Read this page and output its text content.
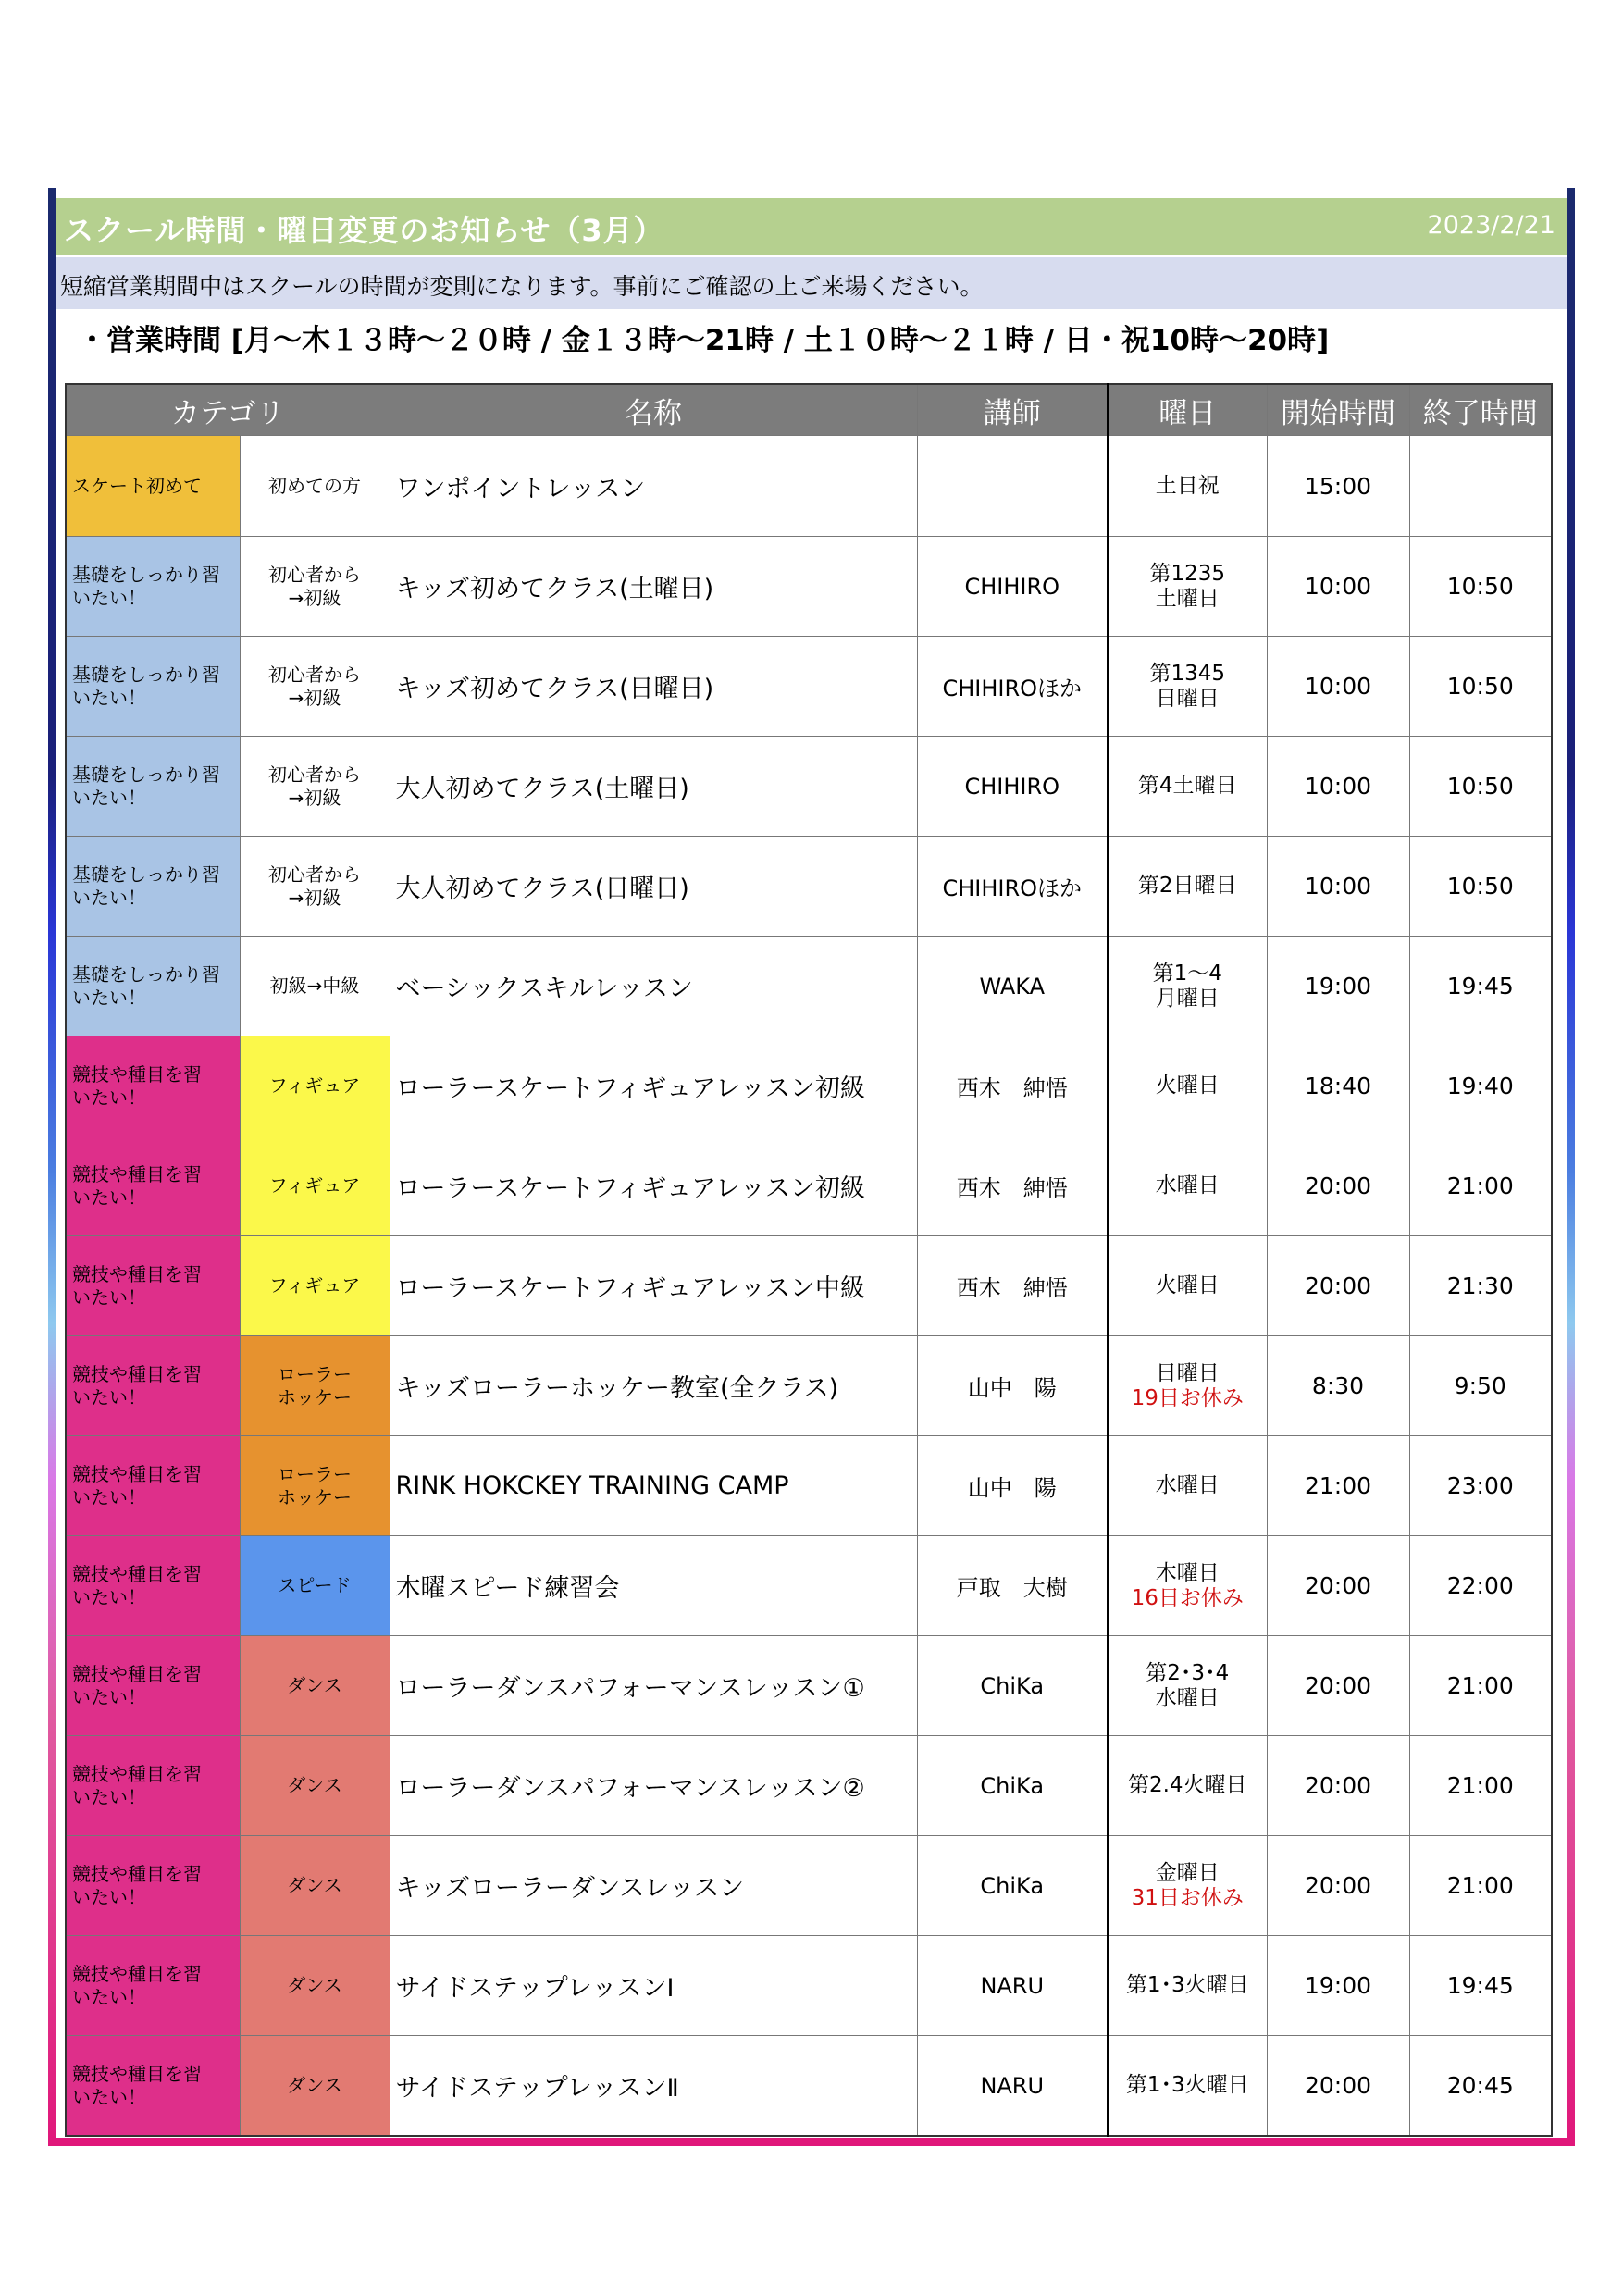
スクール時間・曜日変更のお知らせ（3月）	2023/2/21
短縮営業期間中はスクールの時間が変則になります。事前にご確認の上ご来場ください。
・営業時間 [月〜木１３時〜２０時 / 金１３時〜21時 / 土１０時〜２１時 / 日・祝10時〜20時]
カテゴリ		名称	講師	曜日	開始時間	終了時間

スケート初めて	初めての方	ワンポイントレッスン		土日祝	15:00	

基礎をしっかり習
いたい！	初心者から
→初級	キッズ初めてクラス(土曜日)	CHIHIRO	第1235
土曜日	10:00	10:50

基礎をしっかり習
いたい！	初心者から
→初級	キッズ初めてクラス(日曜日)	CHIHIROほか	第1345
日曜日	10:00	10:50

基礎をしっかり習
いたい！	初心者から
→初級	大人初めてクラス(土曜日)	CHIHIRO	第4土曜日	10:00	10:50

基礎をしっかり習
いたい！	初心者から
→初級	大人初めてクラス(日曜日)	CHIHIROほか	第2日曜日	10:00	10:50

基礎をしっかり習
いたい！	初級→中級	ベーシックスキルレッスン	WAKA	第1〜4
月曜日	19:00	19:45

競技や種目を習
いたい！	フィギュア	ローラースケートフィギュアレッスン初級	西木　紳悟	火曜日	18:40	19:40

競技や種目を習
いたい！	フィギュア	ローラースケートフィギュアレッスン初級	西木　紳悟	水曜日	20:00	21:00

競技や種目を習
いたい！	フィギュア	ローラースケートフィギュアレッスン中級	西木　紳悟	火曜日	20:00	21:30

競技や種目を習
いたい！	ローラー
ホッケー	キッズローラーホッケー教室(全クラス)	山中　陽	日曜日
19日お休み	8:30	9:50

競技や種目を習
いたい！	ローラー
ホッケー	RINK HOKCKEY TRAINING CAMP	山中　陽	水曜日	21:00	23:00

競技や種目を習
いたい！	スピード	木曜スピード練習会	戸取　大樹	木曜日
16日お休み	20:00	22:00

競技や種目を習
いたい！	ダンス	ローラーダンスパフォーマンスレッスン①	ChiKa	第2･3･4
水曜日	20:00	21:00

競技や種目を習
いたい！	ダンス	ローラーダンスパフォーマンスレッスン②	ChiKa	第2.4火曜日	20:00	21:00

競技や種目を習
いたい！	ダンス	キッズローラーダンスレッスン	ChiKa	金曜日
31日お休み	20:00	21:00

競技や種目を習
いたい！	ダンス	サイドステップレッスンⅠ	NARU	第1･3火曜日	19:00	19:45

競技や種目を習
いたい！	ダンス	サイドステップレッスンⅡ	NARU	第1･3火曜日	20:00	20:45
